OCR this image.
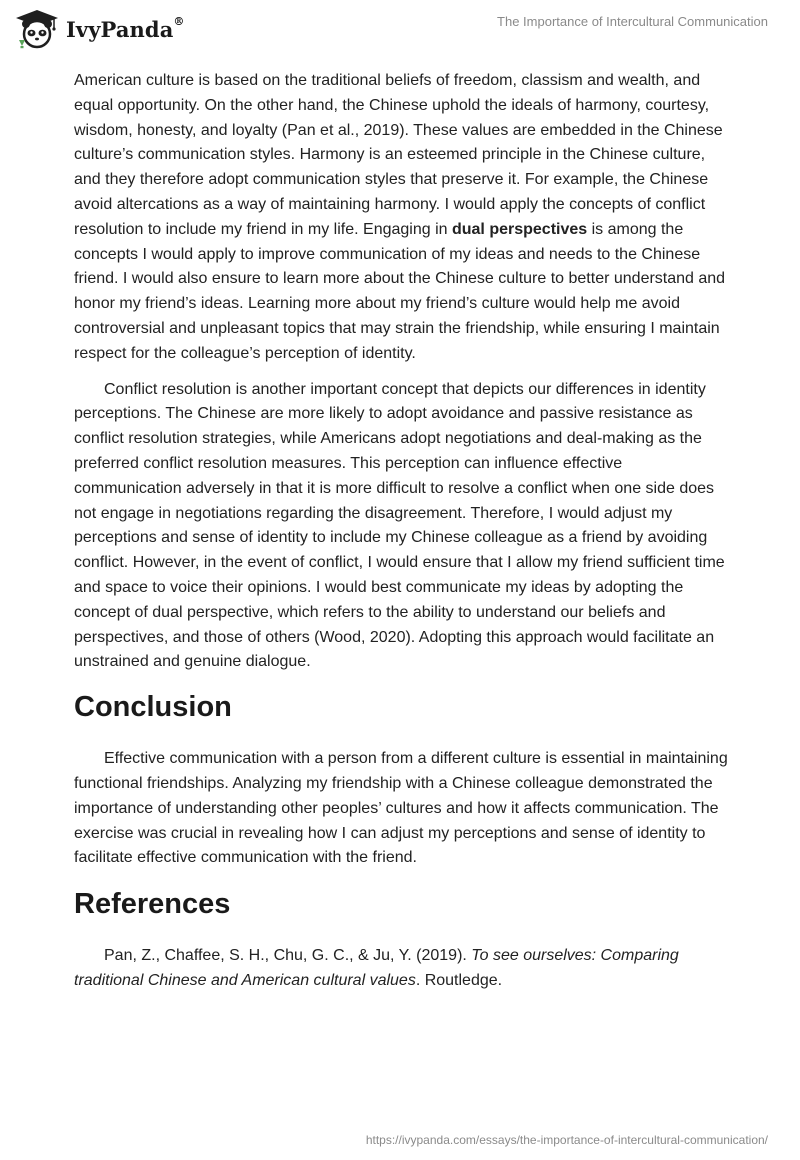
IvyPanda®	The Importance of Intercultural Communication

American culture is based on the traditional beliefs of freedom, classism and wealth, and equal opportunity. On the other hand, the Chinese uphold the ideals of harmony, courtesy, wisdom, honesty, and loyalty (Pan et al., 2019). These values are embedded in the Chinese culture’s communication styles. Harmony is an esteemed principle in the Chinese culture, and they therefore adopt communication styles that preserve it. For example, the Chinese avoid altercations as a way of maintaining harmony. I would apply the concepts of conflict resolution to include my friend in my life. Engaging in dual perspectives is among the concepts I would apply to improve communication of my ideas and needs to the Chinese friend. I would also ensure to learn more about the Chinese culture to better understand and honor my friend’s ideas. Learning more about my friend’s culture would help me avoid controversial and unpleasant topics that may strain the friendship, while ensuring I maintain respect for the colleague’s perception of identity.

Conflict resolution is another important concept that depicts our differences in identity perceptions. The Chinese are more likely to adopt avoidance and passive resistance as conflict resolution strategies, while Americans adopt negotiations and deal-making as the preferred conflict resolution measures. This perception can influence effective communication adversely in that it is more difficult to resolve a conflict when one side does not engage in negotiations regarding the disagreement. Therefore, I would adjust my perceptions and sense of identity to include my Chinese colleague as a friend by avoiding conflict. However, in the event of conflict, I would ensure that I allow my friend sufficient time and space to voice their opinions. I would best communicate my ideas by adopting the concept of dual perspective, which refers to the ability to understand our beliefs and perspectives, and those of others (Wood, 2020). Adopting this approach would facilitate an unstrained and genuine dialogue.

Conclusion

Effective communication with a person from a different culture is essential in maintaining functional friendships. Analyzing my friendship with a Chinese colleague demonstrated the importance of understanding other peoples’ cultures and how it affects communication. The exercise was crucial in revealing how I can adjust my perceptions and sense of identity to facilitate effective communication with the friend.

References

Pan, Z., Chaffee, S. H., Chu, G. C., & Ju, Y. (2019). To see ourselves: Comparing traditional Chinese and American cultural values. Routledge.

https://ivypanda.com/essays/the-importance-of-intercultural-communication/
